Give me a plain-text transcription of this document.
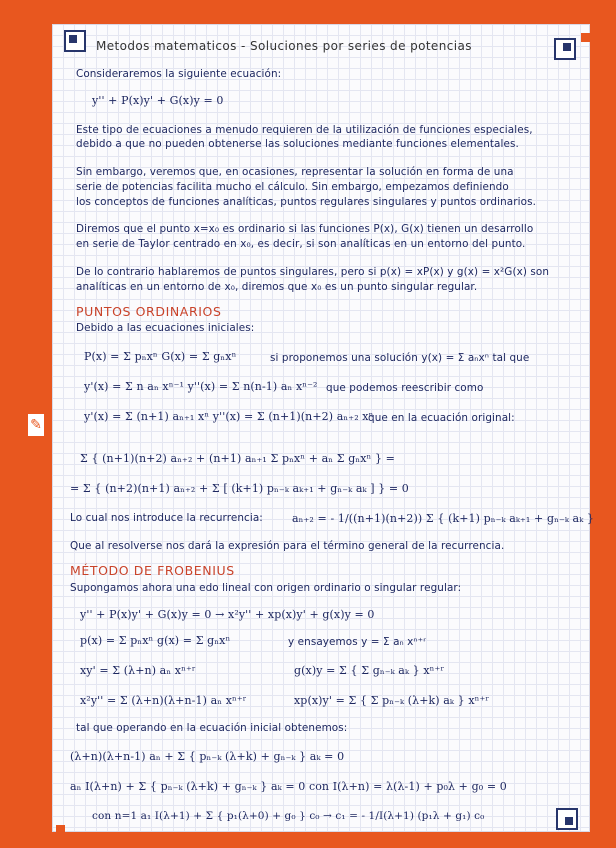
✎
Metodos matematicos - Soluciones por series de potencias
Consideraremos la siguiente ecuación:
y'' + P(x)y' + G(x)y = 0
Este tipo de ecuaciones a menudo requieren de la utilización de funciones especiales,
debido a que no pueden obtenerse las soluciones mediante funciones elementales.
Sin embargo, veremos que, en ocasiones, representar la solución en forma de una
serie de potencias facilita mucho el cálculo. Sin embargo, empezamos definiendo
los conceptos de funciones analíticas, puntos regulares singulares y puntos ordinarios.
Diremos que el punto x=x₀ es ordinario si las funciones P(x), G(x) tienen un desarrollo
en serie de Taylor centrado en x₀, es decir, si son analíticas en un entorno del punto.
De lo contrario hablaremos de puntos singulares, pero si p(x) = xP(x) y g(x) = x²G(x) son
analíticas en un entorno de x₀, diremos que x₀ es un punto singular regular.
PUNTOS ORDINARIOS
Debido a las ecuaciones iniciales:
P(x) = Σ pₙxⁿ G(x) = Σ gₙxⁿ	si proponemos una solución y(x) = Σ aₙxⁿ tal que
y'(x) = Σ n aₙ xⁿ⁻¹ y''(x) = Σ n(n-1) aₙ xⁿ⁻² que podemos reescribir como
y'(x) = Σ (n+1) aₙ₊₁ xⁿ y''(x) = Σ (n+1)(n+2) aₙ₊₂ xⁿ
que en la ecuación original:
Σ { (n+1)(n+2) aₙ₊₂ + (n+1) aₙ₊₁ Σ pₙxⁿ + aₙ Σ gₙxⁿ } =
= Σ { (n+2)(n+1) aₙ₊₂ + Σ [ (k+1) pₙ₋ₖ aₖ₊₁ + gₙ₋ₖ aₖ ] } = 0
Lo cual nos introduce la recurrencia:	aₙ₊₂ = - 1/((n+1)(n+2)) Σ { (k+1) pₙ₋ₖ aₖ₊₁ + gₙ₋ₖ aₖ }
Que al resolverse nos dará la expresión para el término general de la recurrencia.
MÉTODO DE FROBENIUS
Supongamos ahora una edo lineal con origen ordinario o singular regular:
y'' + P(x)y' + G(x)y = 0 → x²y'' + xp(x)y' + g(x)y = 0
p(x) = Σ pₙxⁿ g(x) = Σ gₙxⁿ	y ensayemos y = Σ aₙ xⁿ⁺ʳ
xy' = Σ (λ+n) aₙ xⁿ⁺ʳ	g(x)y = Σ { Σ gₙ₋ₖ aₖ } xⁿ⁺ʳ
x²y'' = Σ (λ+n)(λ+n-1) aₙ xⁿ⁺ʳ	xp(x)y' = Σ { Σ pₙ₋ₖ (λ+k) aₖ } xⁿ⁺ʳ
tal que operando en la ecuación inicial obtenemos:
(λ+n)(λ+n-1) aₙ + Σ { pₙ₋ₖ (λ+k) + gₙ₋ₖ } aₖ = 0
aₙ I(λ+n) + Σ { pₙ₋ₖ (λ+k) + gₙ₋ₖ } aₖ = 0 con I(λ+n) = λ(λ-1) + p₀λ + g₀ = 0
con n=1 a₁ I(λ+1) + Σ { p₁(λ+0) + g₀ } c₀ → c₁ = - 1/I(λ+1) (p₁λ + g₁) c₀
